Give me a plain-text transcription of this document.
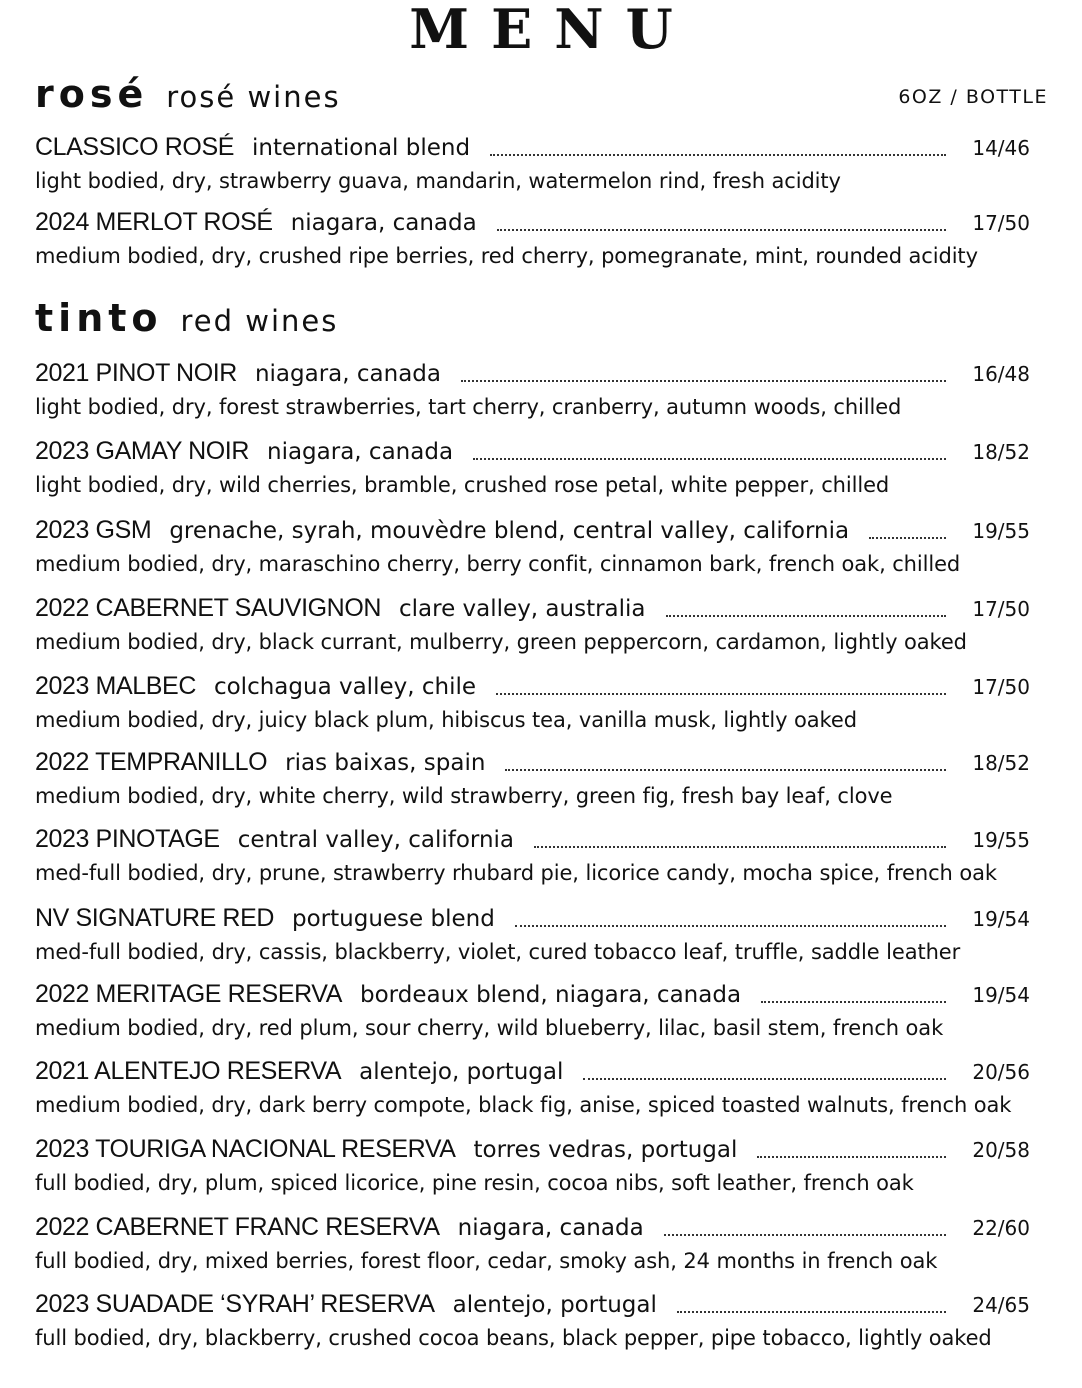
MENU
rosé rosé wines	6OZ / BOTTLE
CLASSICO ROSÉ international blend	14/46
light bodied, dry, strawberry guava, mandarin, watermelon rind, fresh acidity
2024 MERLOT ROSÉ niagara, canada	17/50
medium bodied, dry, crushed ripe berries, red cherry, pomegranate, mint, rounded acidity
tinto red wines
2021 PINOT NOIR niagara, canada	16/48
light bodied, dry, forest strawberries, tart cherry, cranberry, autumn woods, chilled
2023 GAMAY NOIR niagara, canada	18/52
light bodied, dry, wild cherries, bramble, crushed rose petal, white pepper, chilled
2023 GSM grenache, syrah, mouvèdre blend, central valley, california	19/55
medium bodied, dry, maraschino cherry, berry confit, cinnamon bark, french oak, chilled
2022 CABERNET SAUVIGNON clare valley, australia	17/50
medium bodied, dry, black currant, mulberry, green peppercorn, cardamon, lightly oaked
2023 MALBEC colchagua valley, chile	17/50
medium bodied, dry, juicy black plum, hibiscus tea, vanilla musk, lightly oaked
2022 TEMPRANILLO rias baixas, spain	18/52
medium bodied, dry, white cherry, wild strawberry, green fig, fresh bay leaf, clove
2023 PINOTAGE central valley, california	19/55
med-full bodied, dry, prune, strawberry rhubard pie, licorice candy, mocha spice, french oak
NV SIGNATURE RED portuguese blend	19/54
med-full bodied, dry, cassis, blackberry, violet, cured tobacco leaf, truffle, saddle leather
2022 MERITAGE RESERVA bordeaux blend, niagara, canada	19/54
medium bodied, dry, red plum, sour cherry, wild blueberry, lilac, basil stem, french oak
2021 ALENTEJO RESERVA alentejo, portugal	20/56
medium bodied, dry, dark berry compote, black fig, anise, spiced toasted walnuts, french oak
2023 TOURIGA NACIONAL RESERVA torres vedras, portugal	20/58
full bodied, dry, plum, spiced licorice, pine resin, cocoa nibs, soft leather, french oak
2022 CABERNET FRANC RESERVA niagara, canada	22/60
full bodied, dry, mixed berries, forest floor, cedar, smoky ash, 24 months in french oak
2023 SUADADE ‘SYRAH’ RESERVA alentejo, portugal	24/65
full bodied, dry, blackberry, crushed cocoa beans, black pepper, pipe tobacco, lightly oaked
